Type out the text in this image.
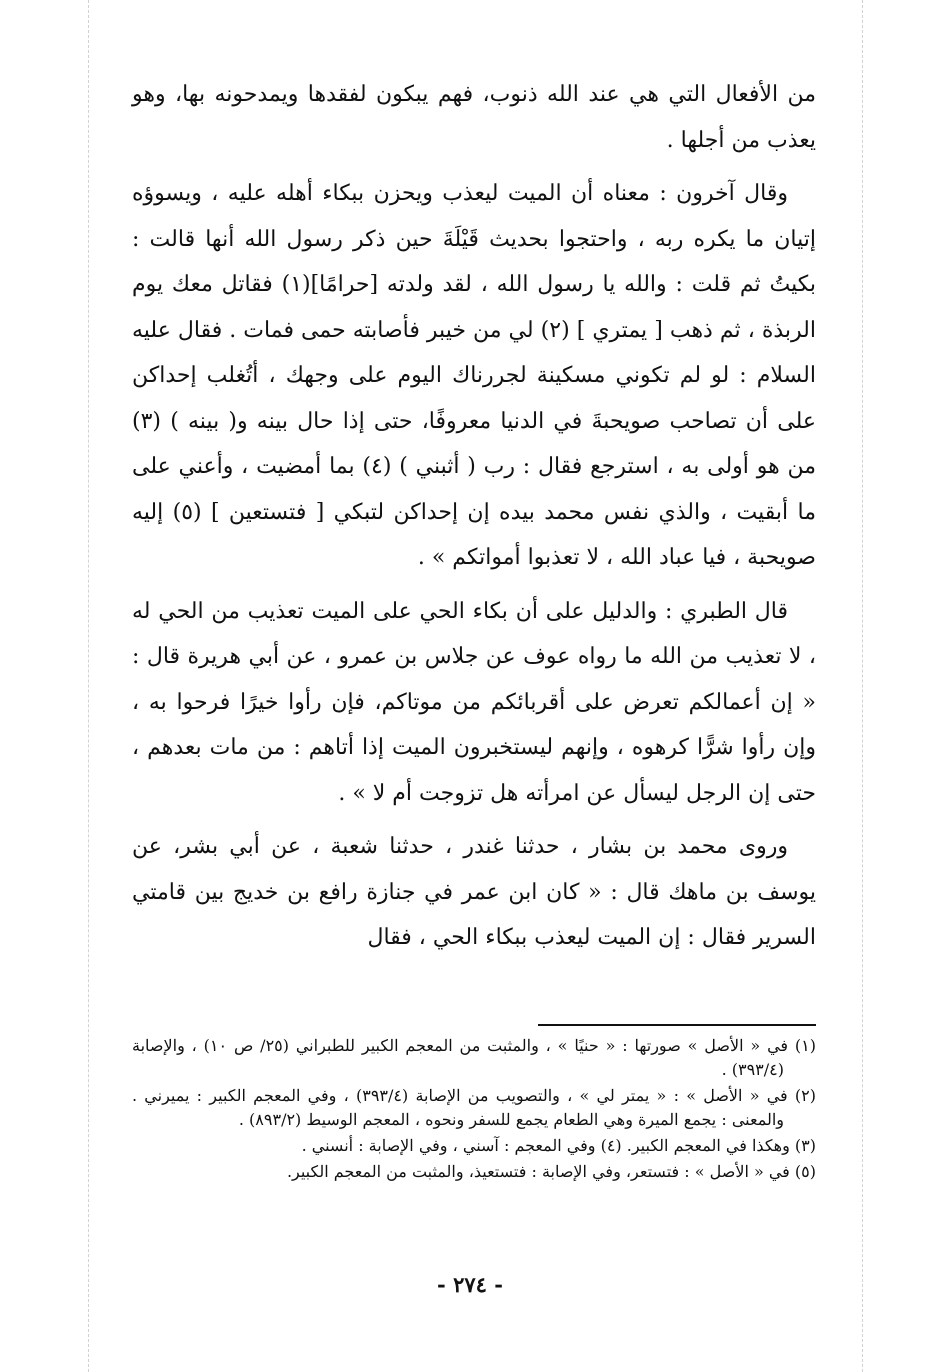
من الأفعال التي هي عند الله ذنوب، فهم يبكون لفقدها ويمدحونه بها، وهو يعذب من أجلها .

وقال آخرون : معناه أن الميت ليعذب ويحزن ببكاء أهله عليه ، ويسوؤه إتيان ما يكره ربه ، واحتجوا بحديث قَيْلَةَ حين ذكر رسول الله أنها قالت : بكيتُ ثم قلت : والله يا رسول الله ، لقد ولدته [حرامًا](١) فقاتل معك يوم الربذة ، ثم ذهب [ يمتري ] (٢) لي من خيبر فأصابته حمى فمات . فقال عليه السلام : لو لم تكوني مسكينة لجررناك اليوم على وجهك ، أتُغلب إحداكن على أن تصاحب صويحبةَ في الدنيا معروفًا، حتى إذا حال بينه و( بينه ) (٣) من هو أولى به ، استرجع فقال : رب ( أثبني ) (٤) بما أمضيت ، وأعني على ما أبقيت ، والذي نفس محمد بيده إن إحداكن لتبكي [ فتستعين ] (٥) إليه صويحبة ، فيا عباد الله ، لا تعذبوا أمواتكم » .

قال الطبري : والدليل على أن بكاء الحي على الميت تعذيب من الحي له ، لا تعذيب من الله ما رواه عوف عن جلاس بن عمرو ، عن أبي هريرة قال : « إن أعمالكم تعرض على أقربائكم من موتاكم، فإن رأوا خيرًا فرحوا به ، وإن رأوا شرًّا كرهوه ، وإنهم ليستخبرون الميت إذا أتاهم : من مات بعدهم ، حتى إن الرجل ليسأل عن امرأته هل تزوجت أم لا » .

وروى محمد بن بشار ، حدثنا غندر ، حدثنا شعبة ، عن أبي بشر، عن يوسف بن ماهك قال : « كان ابن عمر في جنازة رافع بن خديج بين قامتي السرير فقال : إن الميت ليعذب ببكاء الحي ، فقال

(١) في « الأصل » صورتها : « حنيًا » ، والمثبت من المعجم الكبير للطبراني (٢٥/ ص ١٠) ، والإصابة (٣٩٣/٤) .

(٢) في « الأصل » : « يمتر لي » ، والتصويب من الإصابة (٣٩٣/٤) ، وفي المعجم الكبير : يميرني . والمعنى : يجمع الميرة وهي الطعام يجمع للسفر ونحوه ، المعجم الوسيط (٨٩٣/٢) .

(٣) وهكذا في المعجم الكبير. (٤) وفي المعجم : آسني ، وفي الإصابة : أنسني .

(٥) في « الأصل » : فتستعر، وفي الإصابة : فتستعيذ، والمثبت من المعجم الكبير.

- ٢٧٤ -
